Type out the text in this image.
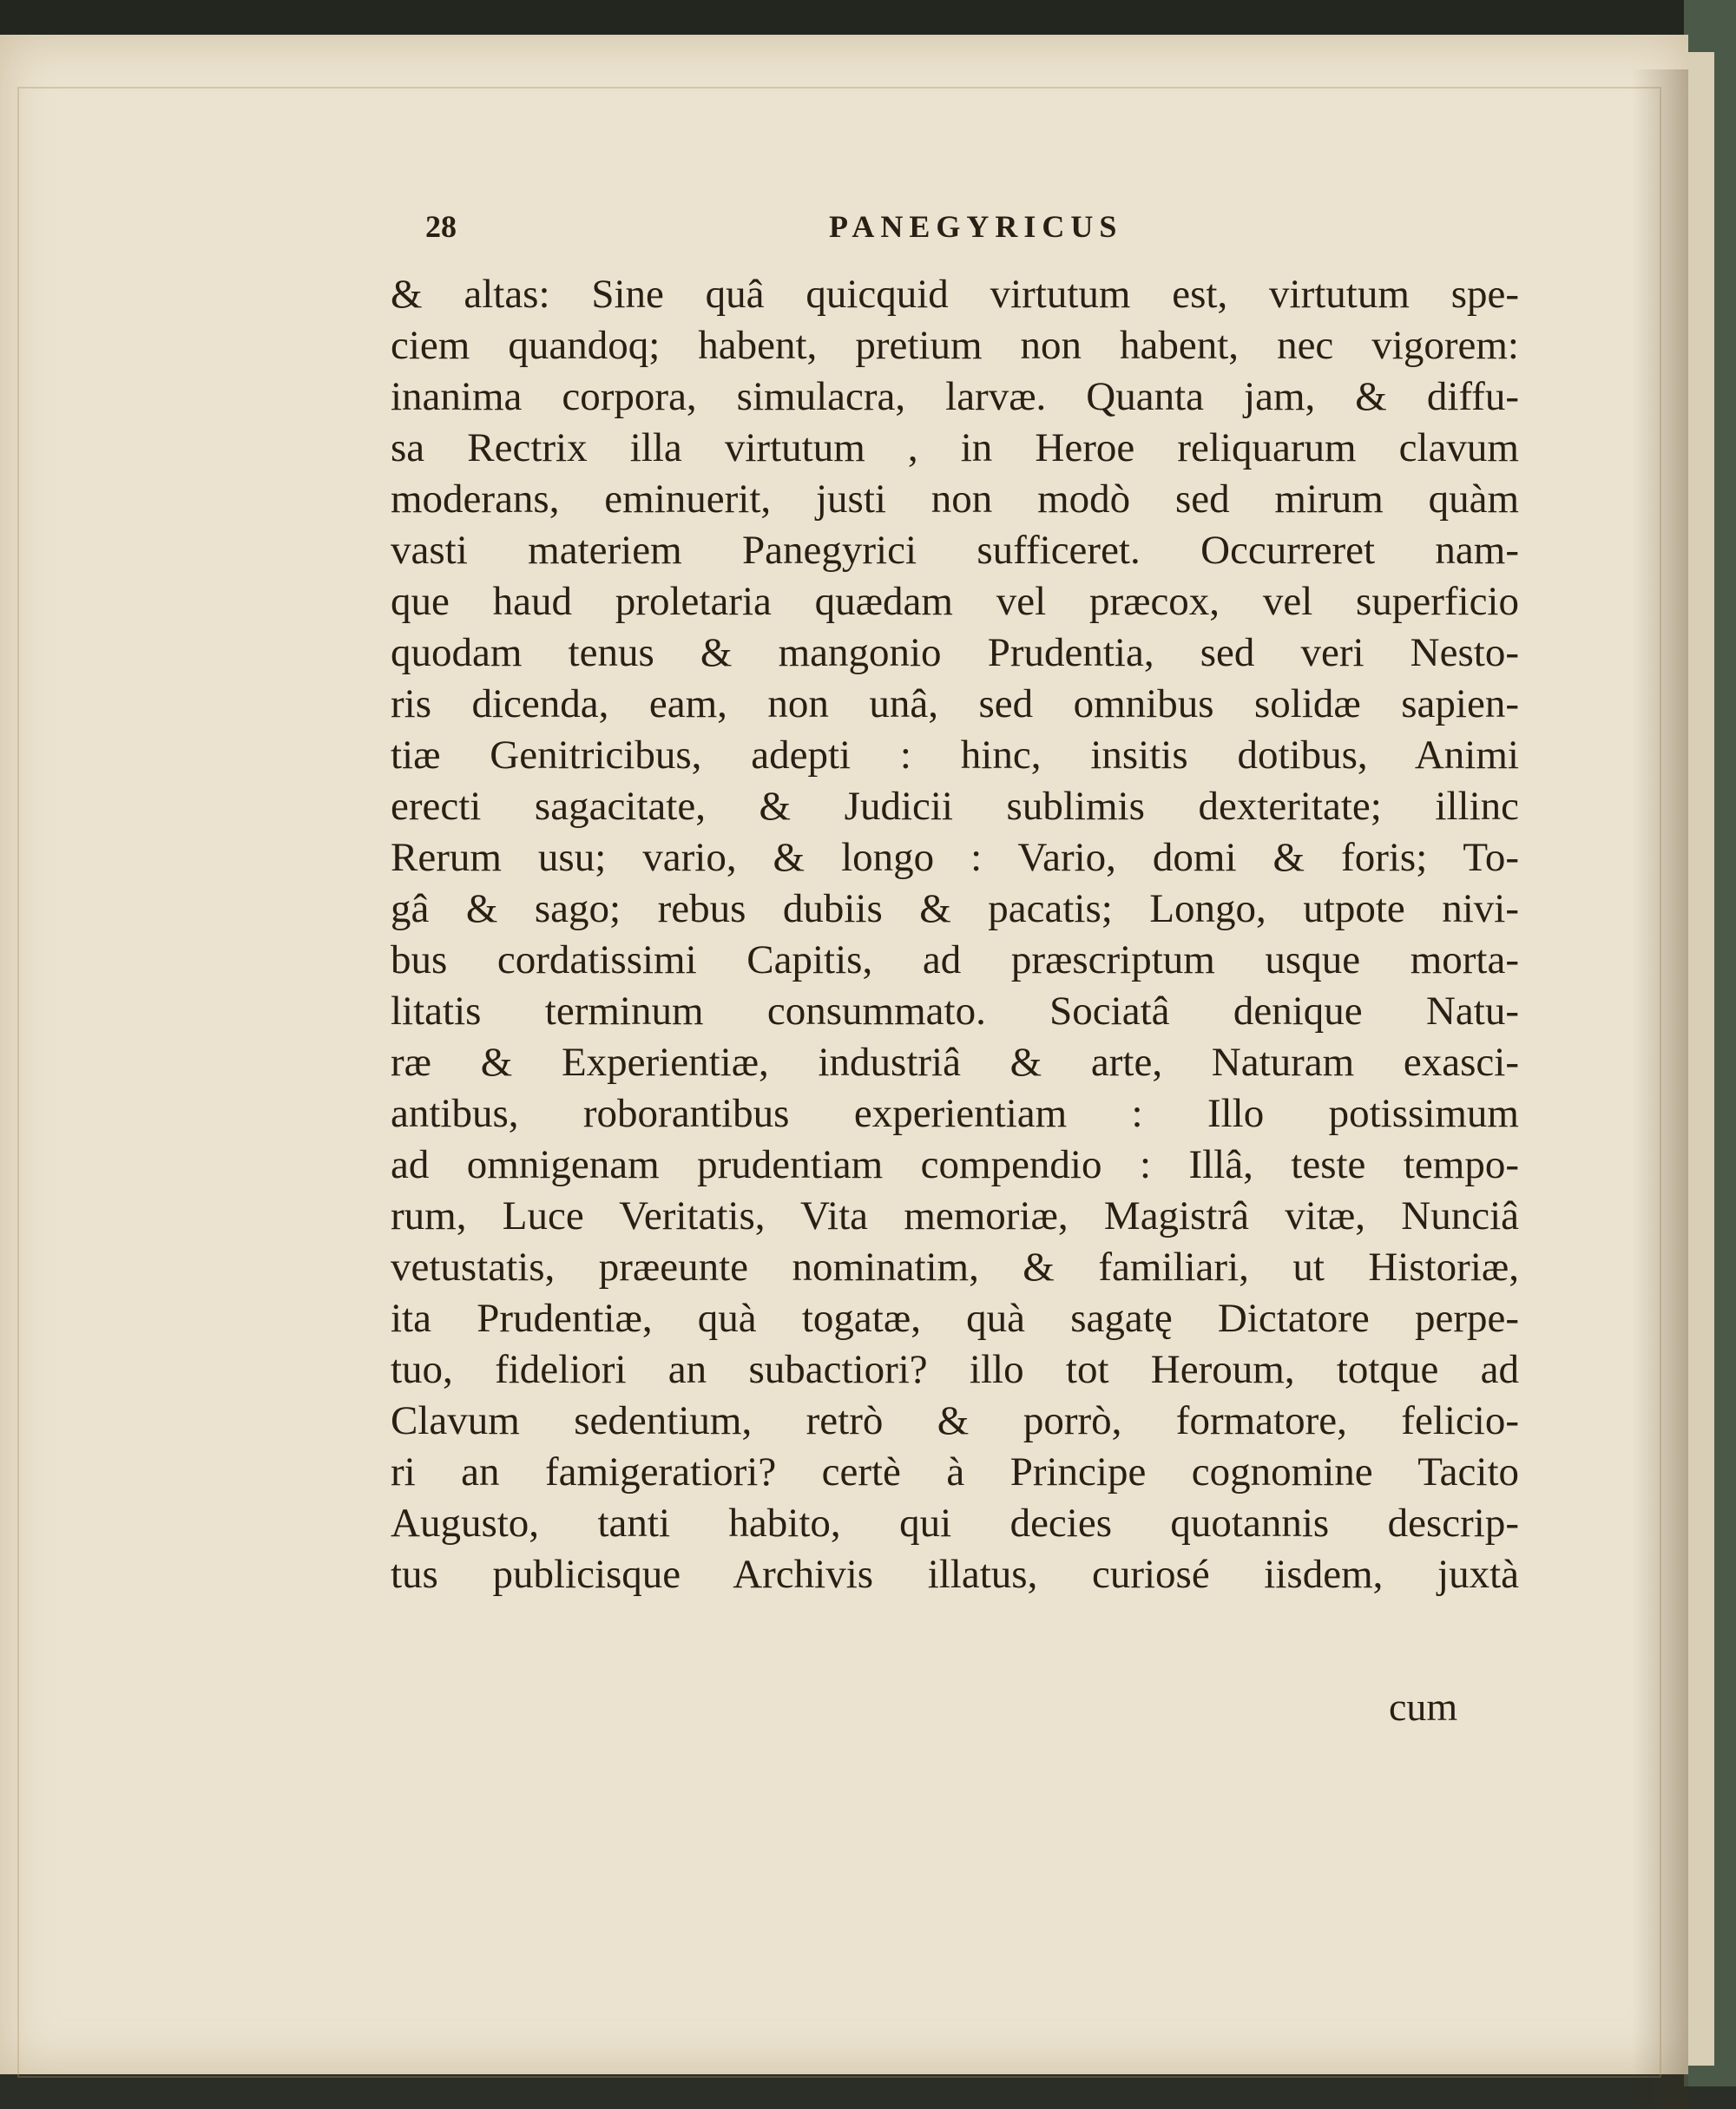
28	PANEGYRICUS
& altas: Sine quâ quicquid virtutum est, virtutum spe-
ciem quandoq; habent, pretium non habent, nec vigorem:
inanima corpora, simulacra, larvæ. Quanta jam, & diffu-
sa Rectrix illa virtutum , in Heroe reliquarum clavum
moderans, eminuerit, justi non modò sed mirum quàm
vasti materiem Panegyrici sufficeret. Occurreret nam-
que haud proletaria quædam vel præcox, vel superficio
quodam tenus & mangonio Prudentia, sed veri Nesto-
ris dicenda, eam, non unâ, sed omnibus solidæ sapien-
tiæ Genitricibus, adepti : hinc, insitis dotibus, Animi
erecti sagacitate, & Judicii sublimis dexteritate; illinc
Rerum usu; vario, & longo : Vario, domi & foris; To-
gâ & sago; rebus dubiis & pacatis; Longo, utpote nivi-
bus cordatissimi Capitis, ad præscriptum usque morta-
litatis terminum consummato. Sociatâ denique Natu-
ræ & Experientiæ, industriâ & arte, Naturam exasci-
antibus, roborantibus experientiam : Illo potissimum
ad omnigenam prudentiam compendio : Illâ, teste tempo-
rum, Luce Veritatis, Vita memoriæ, Magistrâ vitæ, Nunciâ
vetustatis, præeunte nominatim, & familiari, ut Historiæ,
ita Prudentiæ, quà togatæ, quà sagatę Dictatore perpe-
tuo, fideliori an subactiori? illo tot Heroum, totque ad
Clavum sedentium, retrò & porrò, formatore, felicio-
ri an famigeratiori? certè à Principe cognomine Tacito
Augusto, tanti habito, qui decies quotannis descrip-
tus publicisque Archivis illatus, curiosé iisdem, juxtà
cum
